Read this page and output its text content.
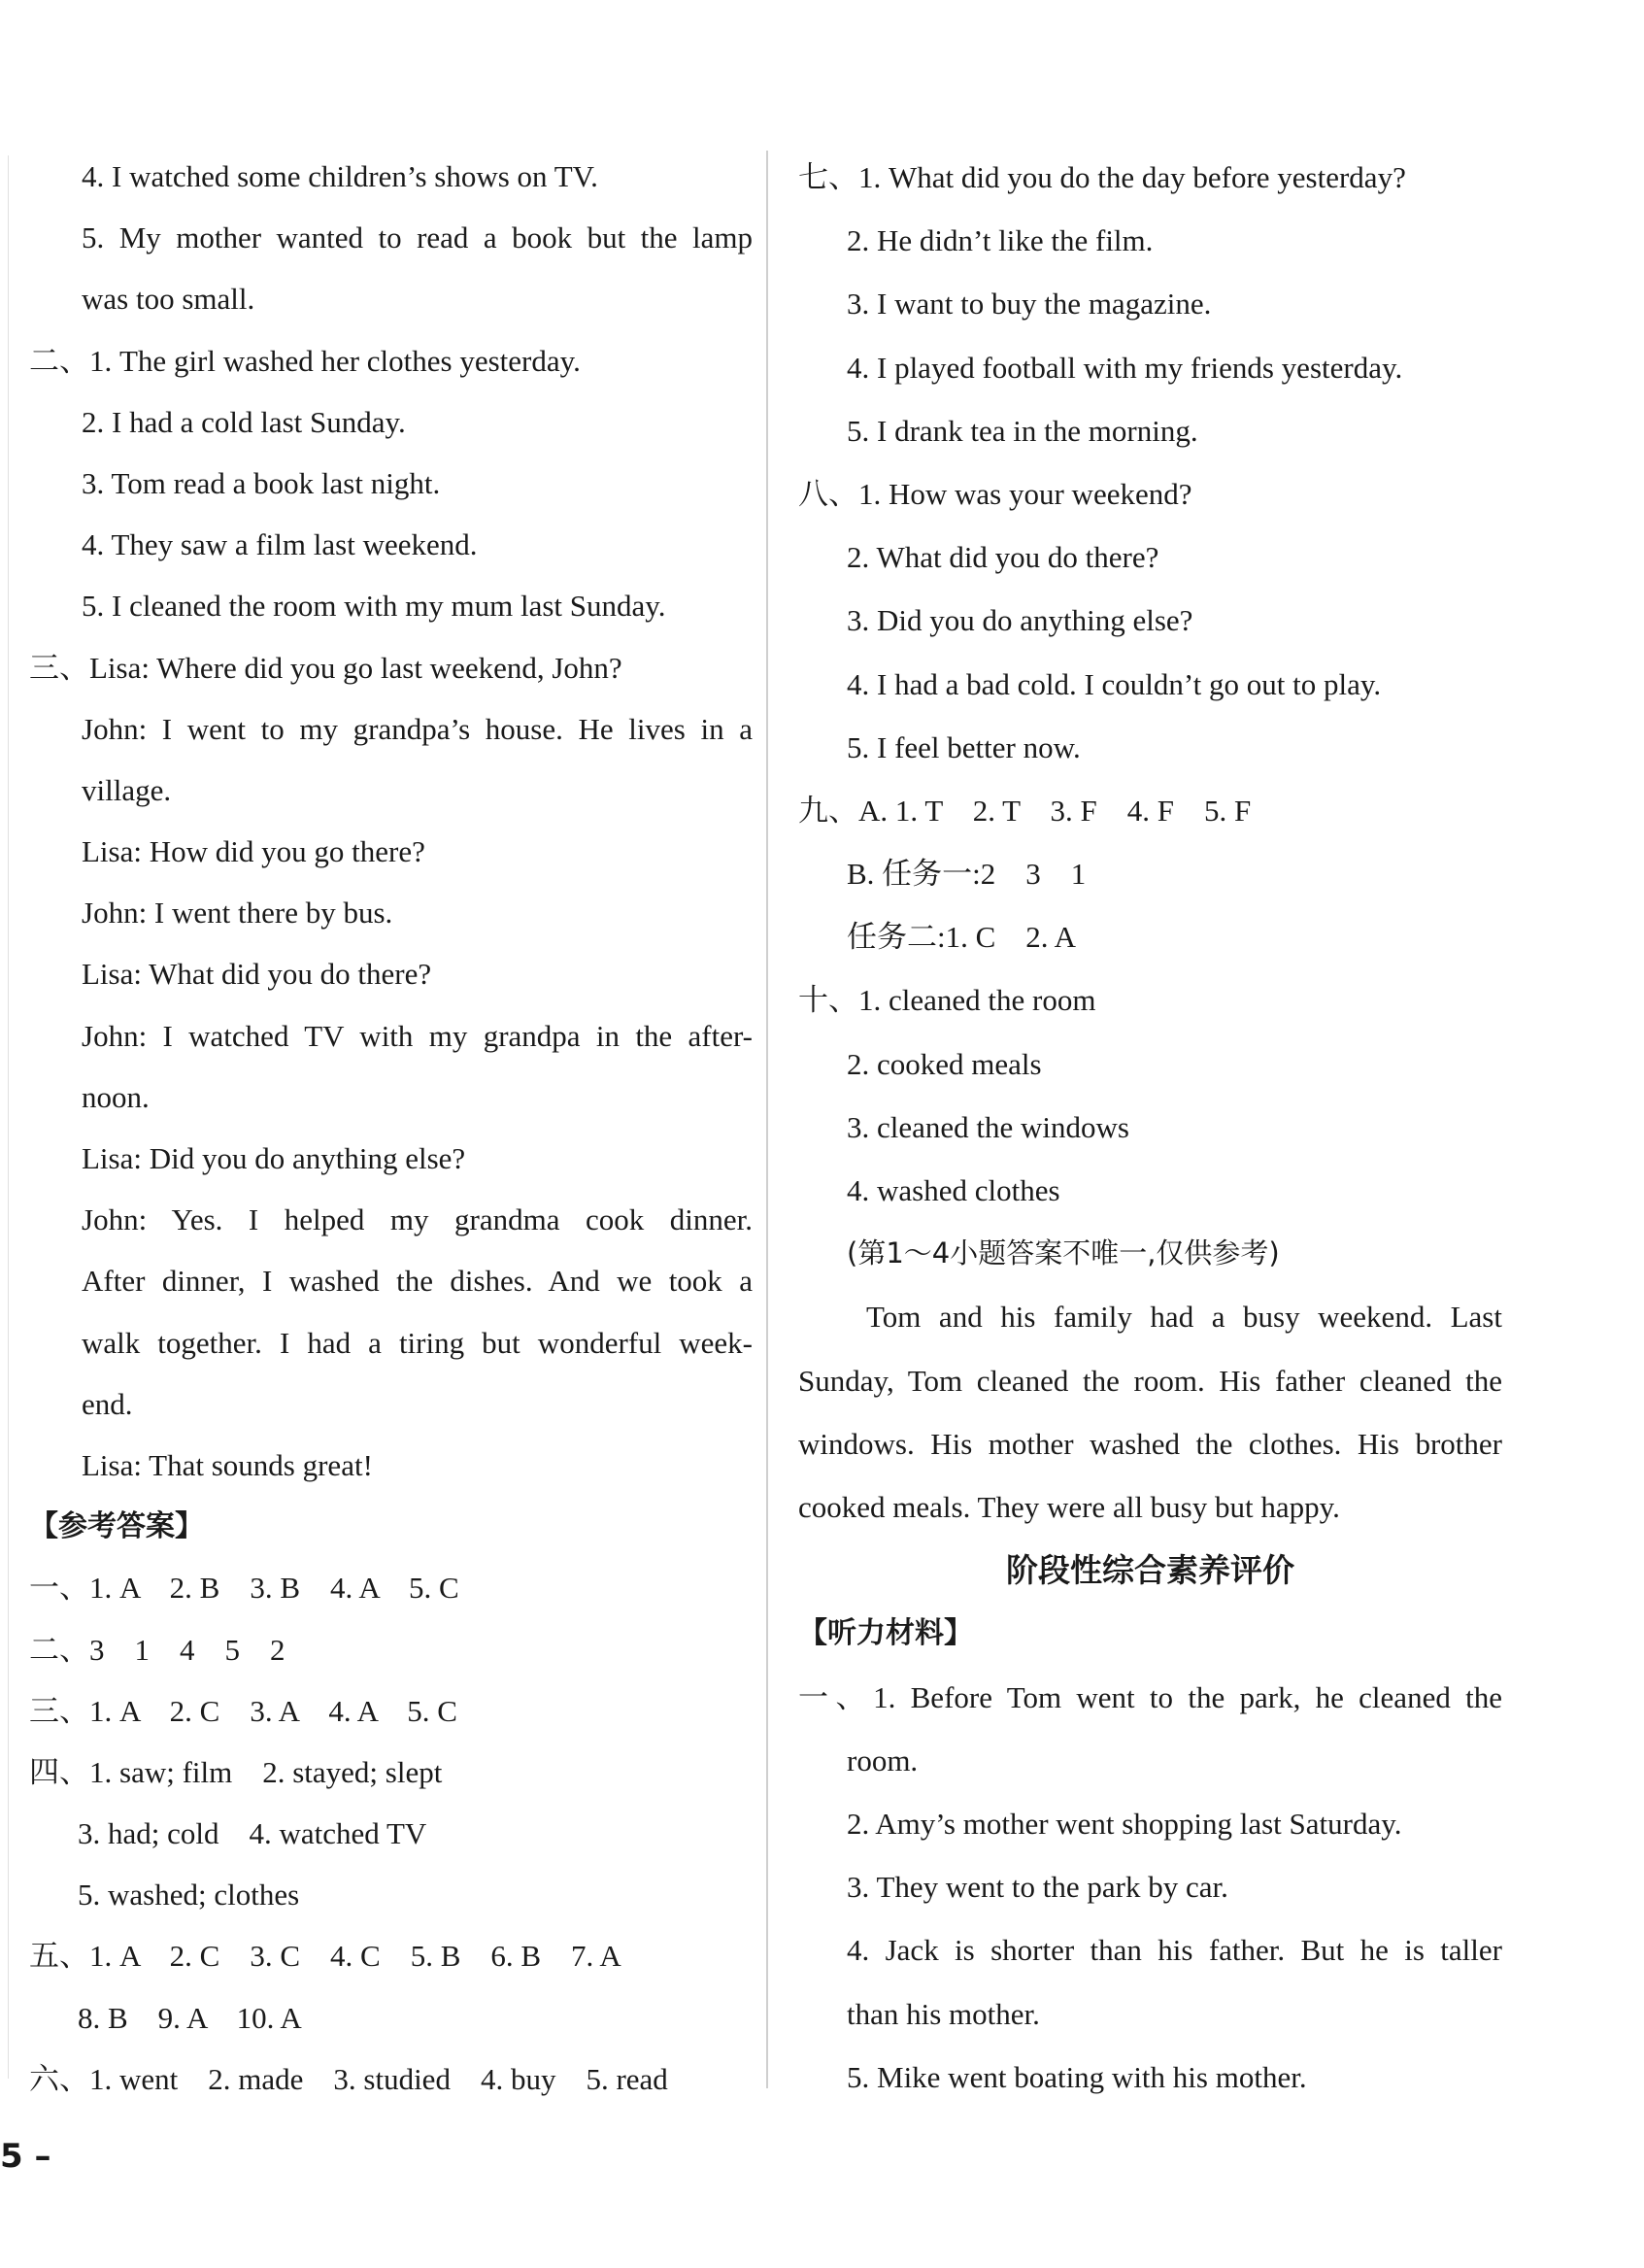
4. I watched some children’s shows on TV.
5. My mother wanted to read a book but the lamp
was too small.
二、1. The girl washed her clothes yesterday.
2. I had a cold last Sunday.
3. Tom read a book last night.
4. They saw a film last weekend.
5. I cleaned the room with my mum last Sunday.
三、Lisa: Where did you go last weekend, John?
John: I went to my grandpa’s house. He lives in a
village.
Lisa: How did you go there?
John: I went there by bus.
Lisa: What did you do there?
John: I watched TV with my grandpa in the after-
noon.
Lisa: Did you do anything else?
John: Yes. I helped my grandma cook dinner.
After dinner, I washed the dishes. And we took a
walk together. I had a tiring but wonderful week-
end.
Lisa: That sounds great!
【参考答案】
一、1. A　2. B　3. B　4. A　5. C
二、3　1　4　5　2
三、1. A　2. C　3. A　4. A　5. C
四、1. saw; film　2. stayed; slept
3. had; cold　4. watched TV
5. washed; clothes
五、1. A　2. C　3. C　4. C　5. B　6. B　7. A
8. B　9. A　10. A
六、1. went　2. made　3. studied　4. buy　5. read
七、1. What did you do the day before yesterday?
2. He didn’t like the film.
3. I want to buy the magazine.
4. I played football with my friends yesterday.
5. I drank tea in the morning.
八、1. How was your weekend?
2. What did you do there?
3. Did you do anything else?
4. I had a bad cold. I couldn’t go out to play.
5. I feel better now.
九、A. 1. T　2. T　3. F　4. F　5. F
B. 任务一:2　3　1
任务二:1. C　2. A
十、1. cleaned the room
2. cooked meals
3. cleaned the windows
4. washed clothes
(第1～4小题答案不唯一,仅供参考)
Tom and his family had a busy weekend. Last Sunday, Tom cleaned the room. His father cleaned the windows. His mother washed the clothes. His brother cooked meals. They were all busy but happy.
阶段性综合素养评价
【听力材料】
一、1. Before Tom went to the park, he cleaned the
room.
2. Amy’s mother went shopping last Saturday.
3. They went to the park by car.
4. Jack is shorter than his father. But he is taller
than his mother.
5. Mike went boating with his mother.
5 –
